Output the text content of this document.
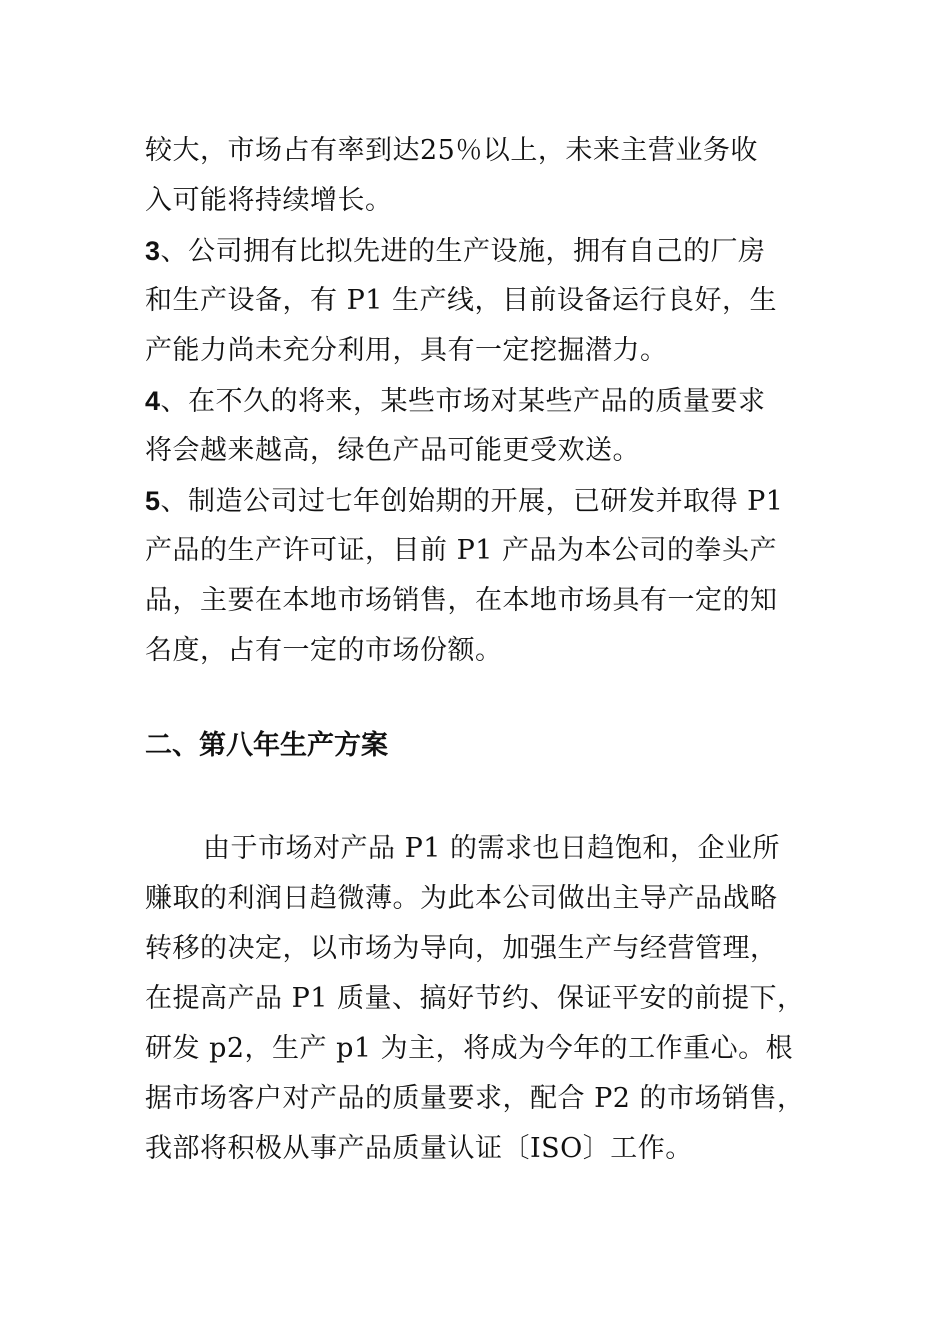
较大，市场占有率到达25％以上，未来主营业务收
入可能将持续增长。
3、公司拥有比拟先进的生产设施，拥有自己的厂房
和生产设备，有 P1 生产线，目前设备运行良好，生
产能力尚未充分利用，具有一定挖掘潜力。
4、在不久的将来，某些市场对某些产品的质量要求
将会越来越高，绿色产品可能更受欢送。
5、制造公司过七年创始期的开展，已研发并取得 P1
产品的生产许可证，目前 P1 产品为本公司的拳头产
品，主要在本地市场销售，在本地市场具有一定的知
名度，占有一定的市场份额。
二、第八年生产方案
由于市场对产品 P1 的需求也日趋饱和，企业所
赚取的利润日趋微薄。为此本公司做出主导产品战略
转移的决定，以市场为导向，加强生产与经营管理，
在提高产品 P1 质量、搞好节约、保证平安的前提下，
研发 p2，生产 p1 为主，将成为今年的工作重心。根
据市场客户对产品的质量要求，配合 P2 的市场销售，
我部将积极从事产品质量认证〔ISO〕工作。
